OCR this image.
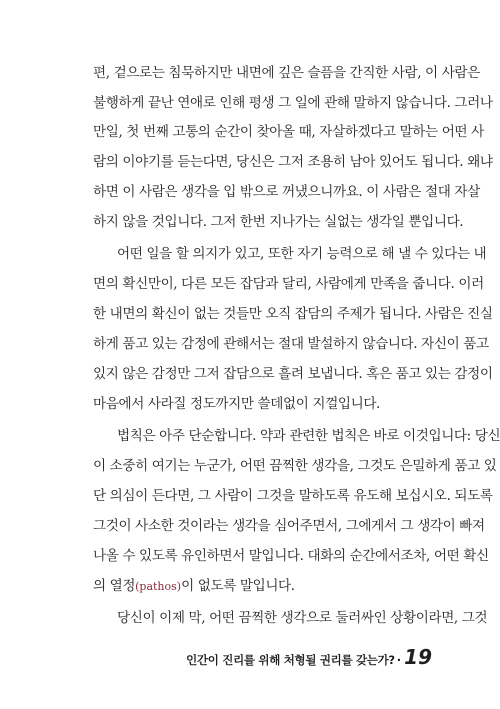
편, 겉으로는 침묵하지만 내면에 깊은 슬픔을 간직한 사람, 이 사람은
불행하게 끝난 연애로 인해 평생 그 일에 관해 말하지 않습니다. 그러나
만일, 첫 번째 고통의 순간이 찾아올 때, 자살하겠다고 말하는 어떤 사
람의 이야기를 듣는다면, 당신은 그저 조용히 남아 있어도 됩니다. 왜냐
하면 이 사람은 생각을 입 밖으로 꺼냈으니까요. 이 사람은 절대 자살
하지 않을 것입니다. 그저 한번 지나가는 실없는 생각일 뿐입니다.
어떤 일을 할 의지가 있고, 또한 자기 능력으로 해 낼 수 있다는 내
면의 확신만이, 다른 모든 잡담과 달리, 사람에게 만족을 줍니다. 이러
한 내면의 확신이 없는 것들만 오직 잡담의 주제가 됩니다. 사람은 진실
하게 품고 있는 감정에 관해서는 절대 발설하지 않습니다. 자신이 품고
있지 않은 감정만 그저 잡담으로 흘려 보냅니다. 혹은 품고 있는 감정이
마음에서 사라질 정도까지만 쓸데없이 지껄입니다.
법칙은 아주 단순합니다. 약과 관련한 법칙은 바로 이것입니다: 당신
이 소중히 여기는 누군가, 어떤 끔찍한 생각을, 그것도 은밀하게 품고 있
단 의심이 든다면, 그 사람이 그것을 말하도록 유도해 보십시오. 되도록
그것이 사소한 것이라는 생각을 심어주면서, 그에게서 그 생각이 빠져
나올 수 있도록 유인하면서 말입니다. 대화의 순간에서조차, 어떤 확신
의 열정(pathos)이 없도록 말입니다.
당신이 이제 막, 어떤 끔찍한 생각으로 둘러싸인 상황이라면, 그것
인간이 진리를 위해 처형될 권리를 갖는가? · 19
